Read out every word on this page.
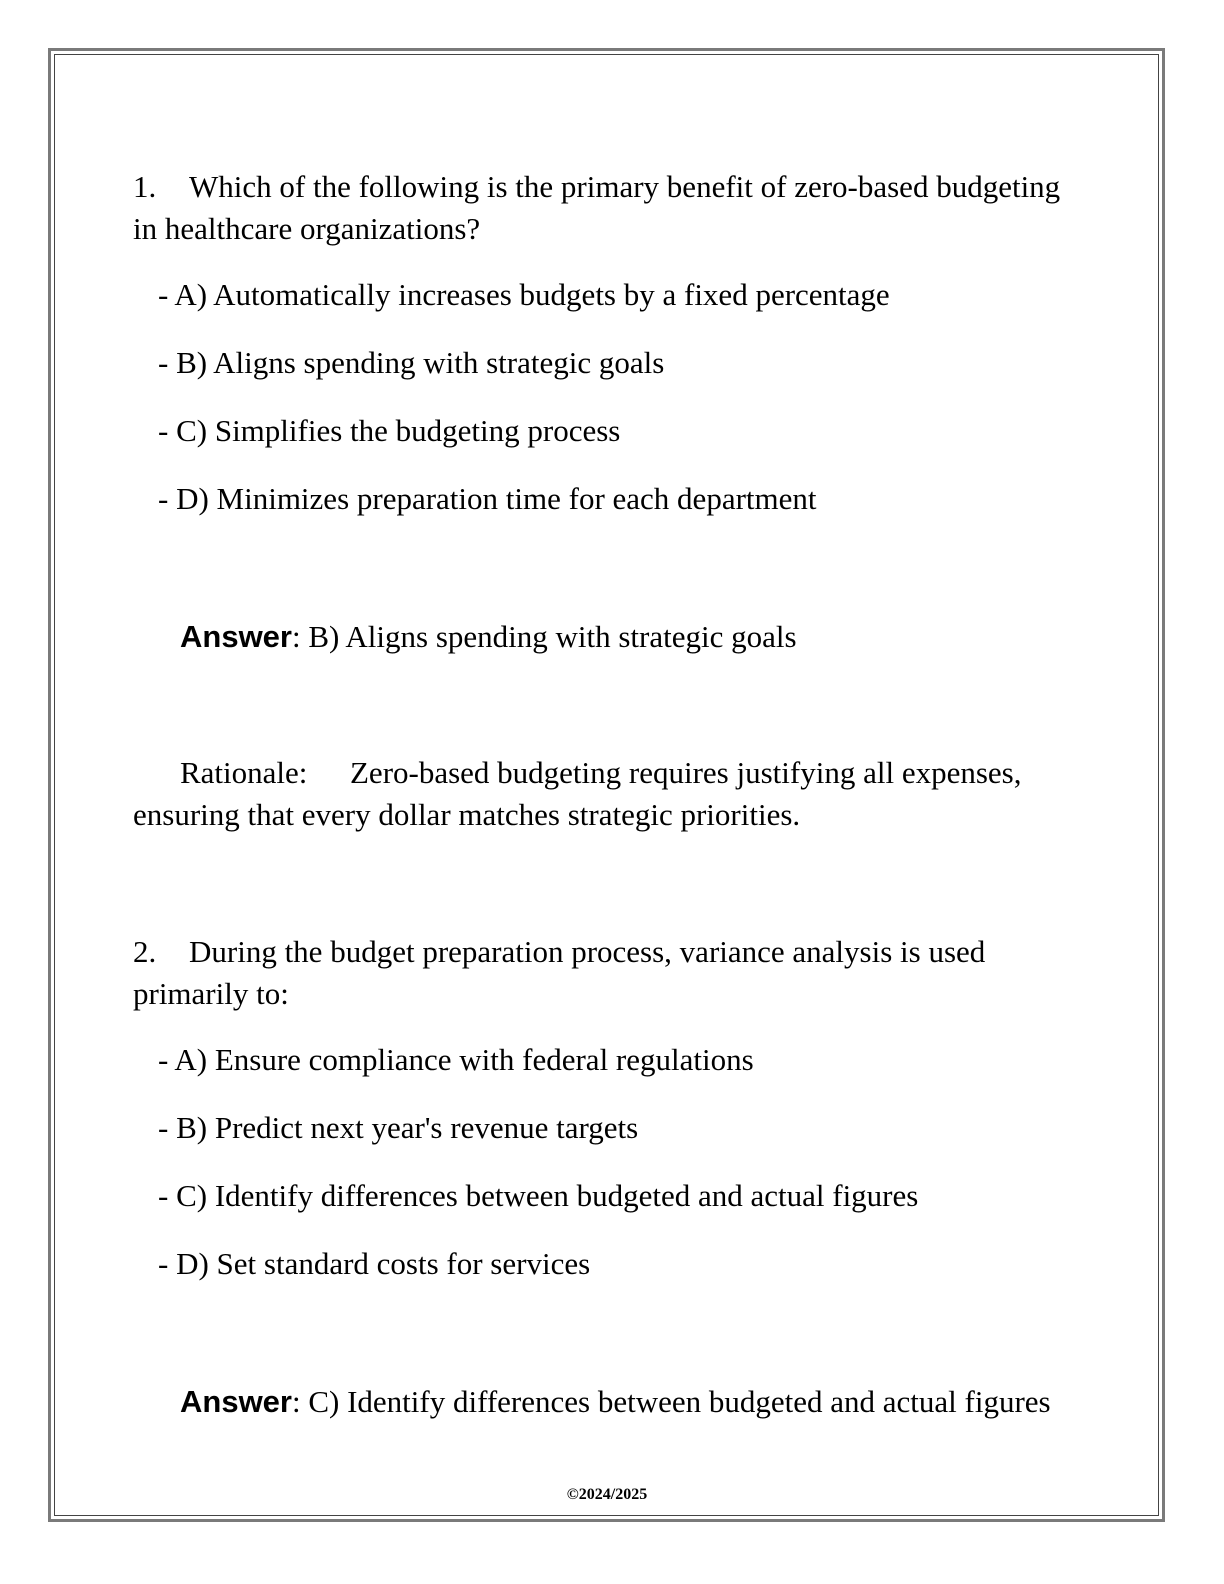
1. Which of the following is the primary benefit of zero-based budgeting in healthcare organizations?

- A) Automatically increases budgets by a fixed percentage

- B) Aligns spending with strategic goals

- C) Simplifies the budgeting process

- D) Minimizes preparation time for each department

Answer: B) Aligns spending with strategic goals

Rationale: Zero-based budgeting requires justifying all expenses, ensuring that every dollar matches strategic priorities.

2. During the budget preparation process, variance analysis is used primarily to:

- A) Ensure compliance with federal regulations

- B) Predict next year's revenue targets

- C) Identify differences between budgeted and actual figures

- D) Set standard costs for services

Answer: C) Identify differences between budgeted and actual figures

©2024/2025
